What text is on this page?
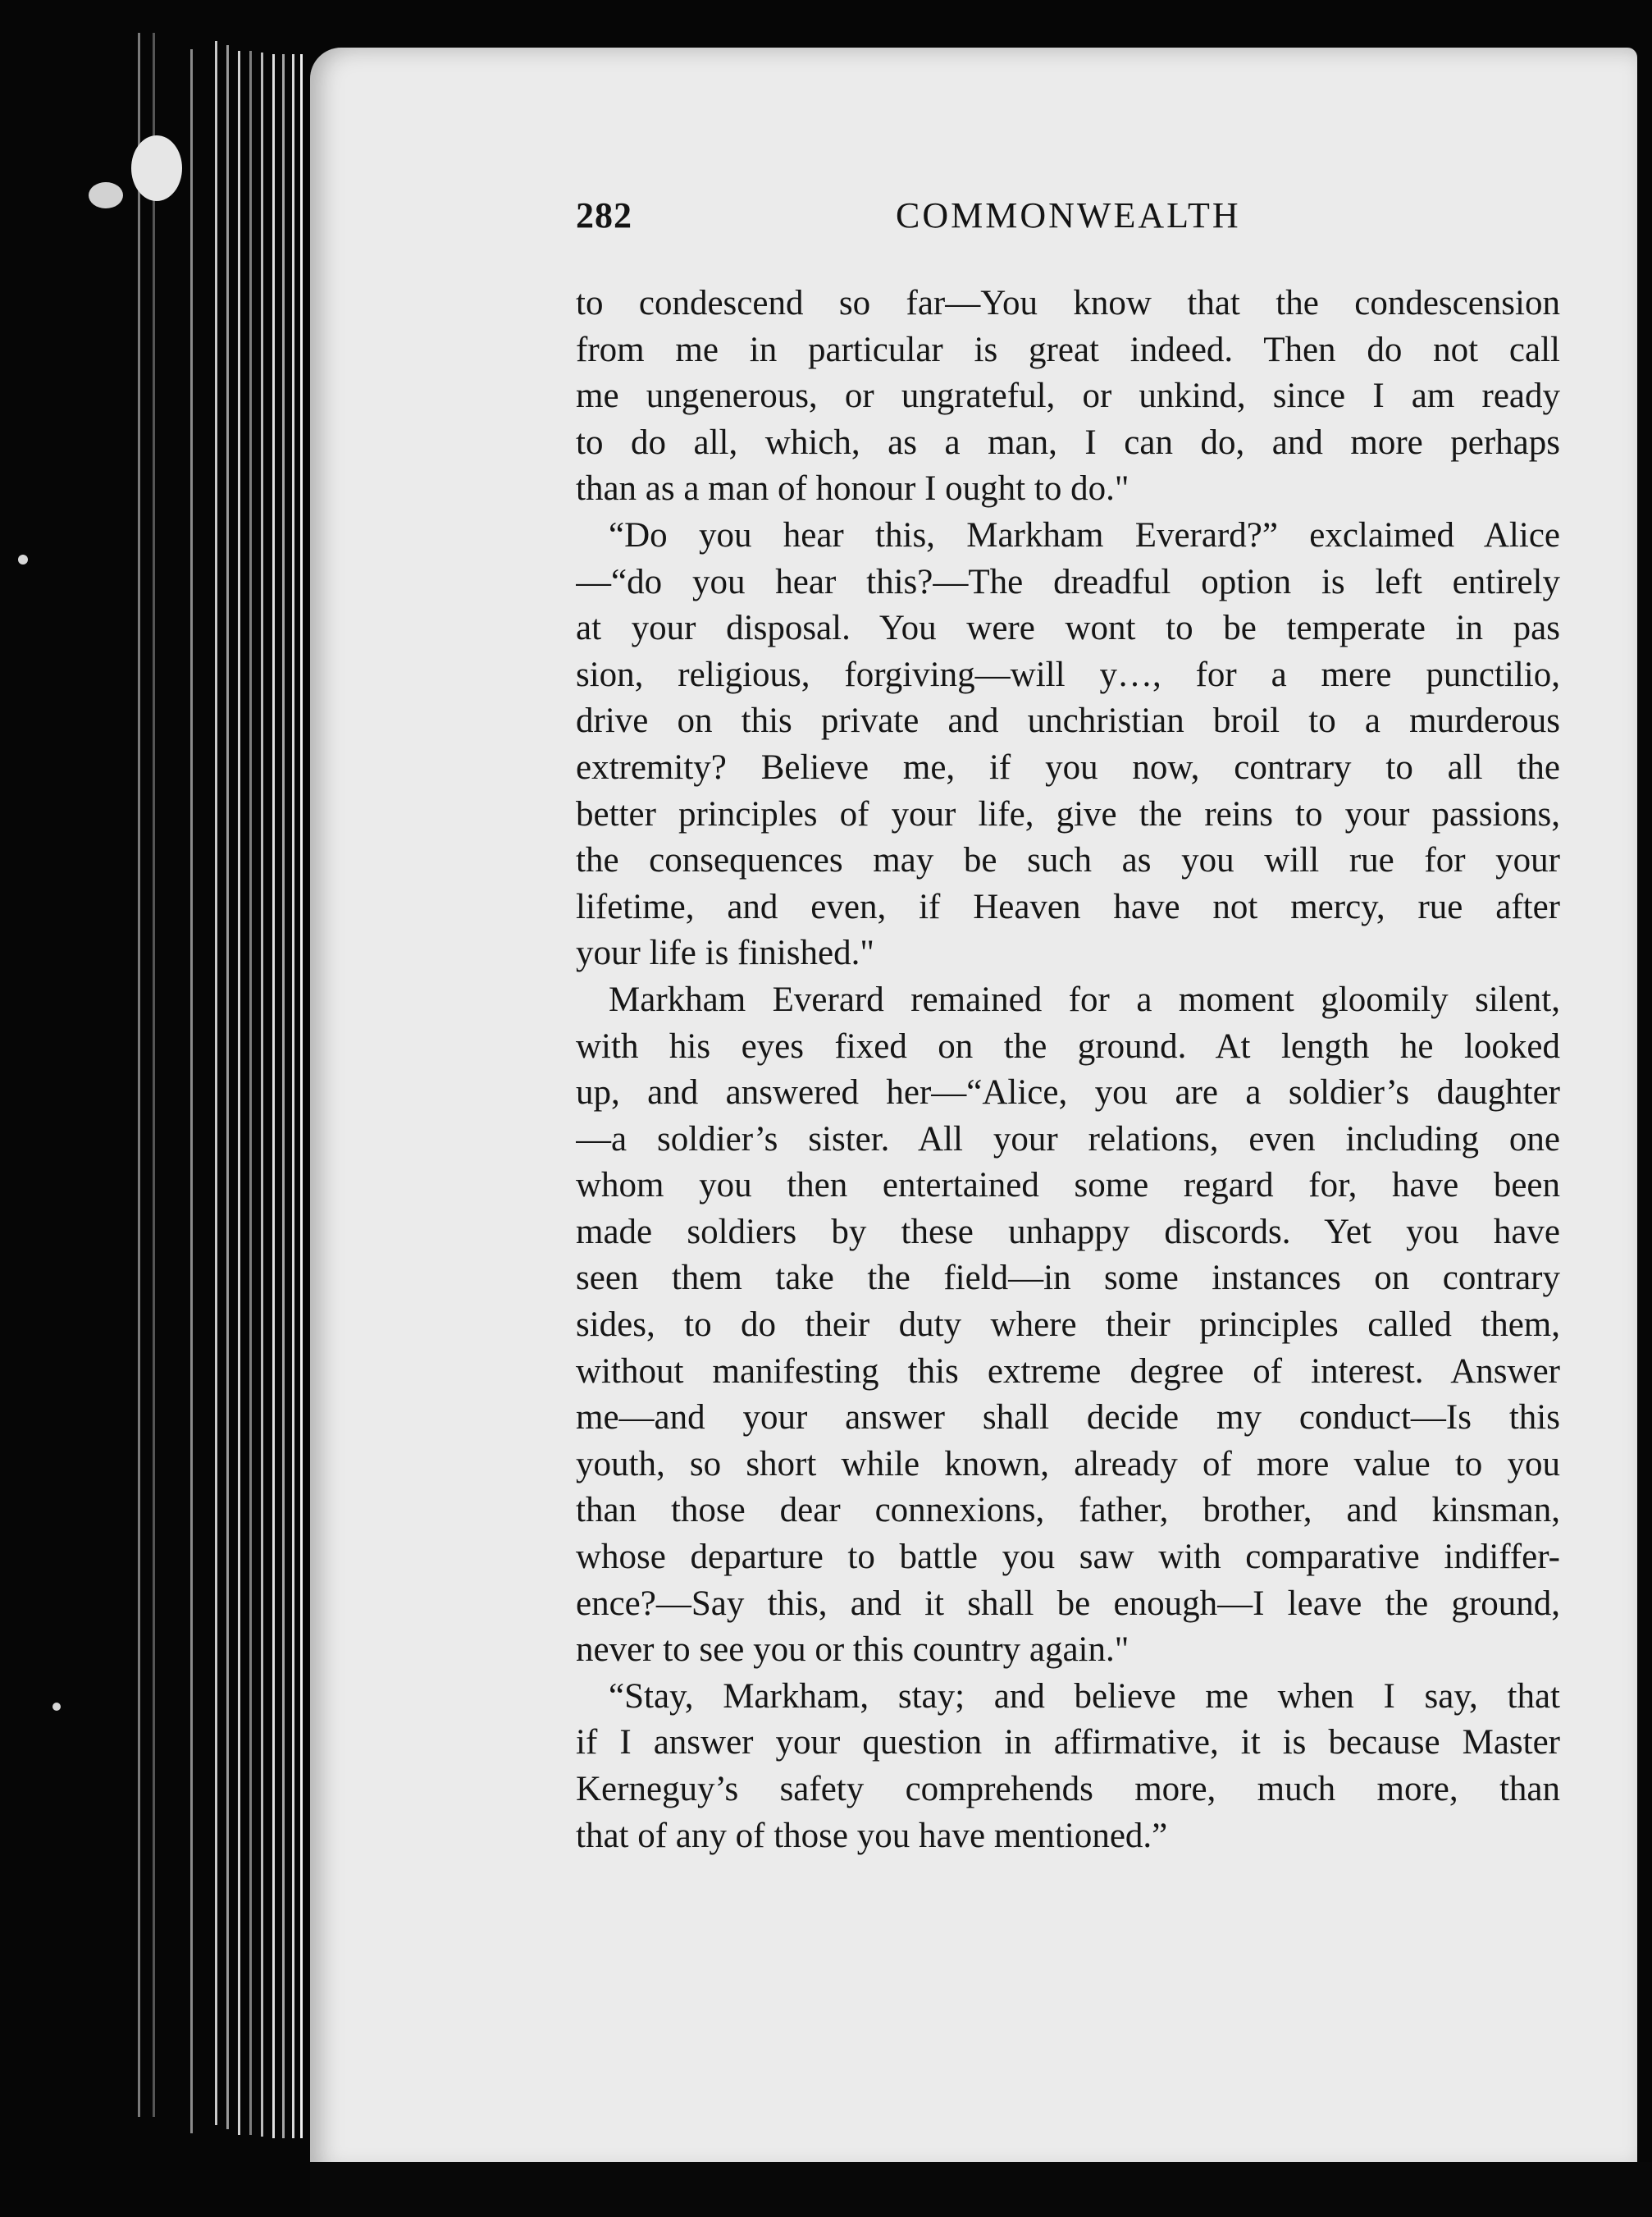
282	COMMONWEALTH
to condescend so far—You know that the condescension
from me in particular is great indeed. Then do not call
me ungenerous, or ungrateful, or unkind, since I am ready
to do all, which, as a man, I can do, and more perhaps
than as a man of honour I ought to do."
“Do you hear this, Markham Everard?” exclaimed Alice
—“do you hear this?—The dreadful option is left entirely
at your disposal. You were wont to be temperate in pas
sion, religious, forgiving—will y…, for a mere punctilio,
drive on this private and unchristian broil to a murderous
extremity? Believe me, if you now, contrary to all the
better principles of your life, give the reins to your passions,
the consequences may be such as you will rue for your
lifetime, and even, if Heaven have not mercy, rue after
your life is finished."
Markham Everard remained for a moment gloomily silent,
with his eyes fixed on the ground. At length he looked
up, and answered her—“Alice, you are a soldier’s daughter
—a soldier’s sister. All your relations, even including one
whom you then entertained some regard for, have been
made soldiers by these unhappy discords. Yet you have
seen them take the field—in some instances on contrary
sides, to do their duty where their principles called them,
without manifesting this extreme degree of interest. Answer
me—and your answer shall decide my conduct—Is this
youth, so short while known, already of more value to you
than those dear connexions, father, brother, and kinsman,
whose departure to battle you saw with comparative indiffer-
ence?—Say this, and it shall be enough—I leave the ground,
never to see you or this country again."
“Stay, Markham, stay; and believe me when I say, that
if I answer your question in affirmative, it is because Master
Kerneguy’s safety comprehends more, much more, than
that of any of those you have mentioned.”
